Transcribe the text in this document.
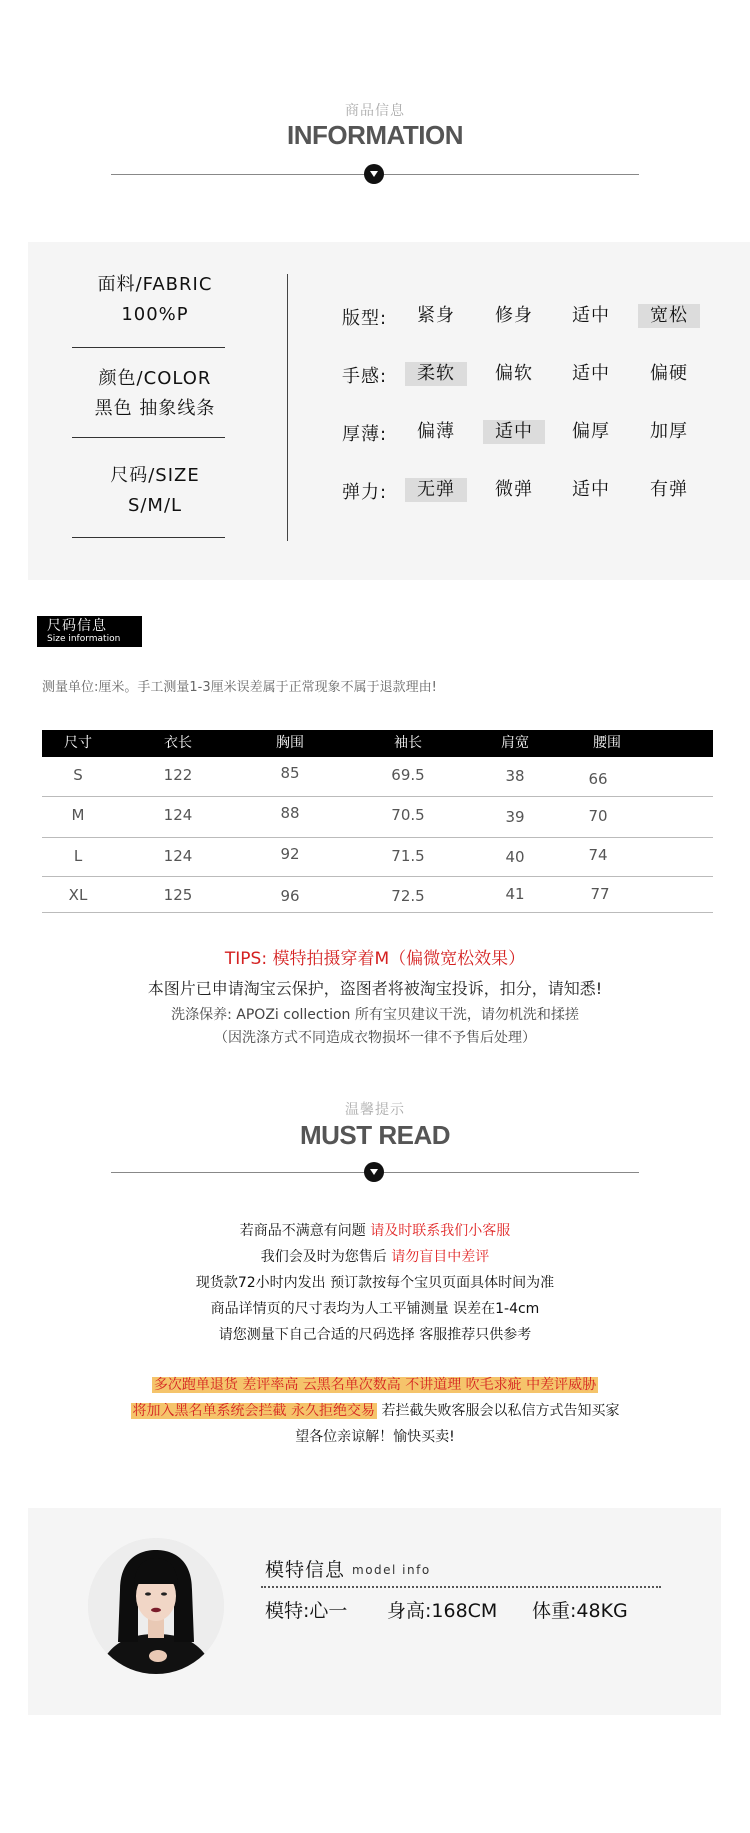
商品信息
INFORMATION
面料/FABRIC
100%P
颜色/COLOR
黑色 抽象线条
尺码/SIZE
S/M/L
版型:	紧身	修身	适中	宽松
手感:	柔软	偏软	适中	偏硬
厚薄:	偏薄	适中	偏厚	加厚
弹力:	无弹	微弹	适中	有弹
尺码信息
Size information
测量单位:厘米。手工测量1-3厘米误差属于正常现象不属于退款理由!
尺寸	衣长	胸围	袖长	肩宽	腰围
S	122	85	69.5	38	66
M	124	88	70.5	39	70
L	124	92	71.5	40	74
XL	125	96	72.5	41	77
TIPS: 模特拍摄穿着M（偏微宽松效果）
本图片已申请淘宝云保护，盗图者将被淘宝投诉，扣分，请知悉!
洗涤保养: APOZi collection 所有宝贝建议干洗，请勿机洗和揉搓
（因洗涤方式不同造成衣物损坏一律不予售后处理）
温馨提示
MUST READ
若商品不满意有问题 请及时联系我们小客服
我们会及时为您售后 请勿盲目中差评
现货款72小时内发出 预订款按每个宝贝页面具体时间为准
商品详情页的尺寸表均为人工平铺测量 误差在1-4cm
请您测量下自己合适的尺码选择 客服推荐只供参考
多次跑单退货 差评率高 云黑名单次数高 不讲道理 吹毛求疵 中差评威胁
将加入黑名单系统会拦截 永久拒绝交易 若拦截失败客服会以私信方式告知买家
望各位亲谅解！愉快买卖!
模特信息 model info
模特:心一 身高:168CM 体重:48KG
